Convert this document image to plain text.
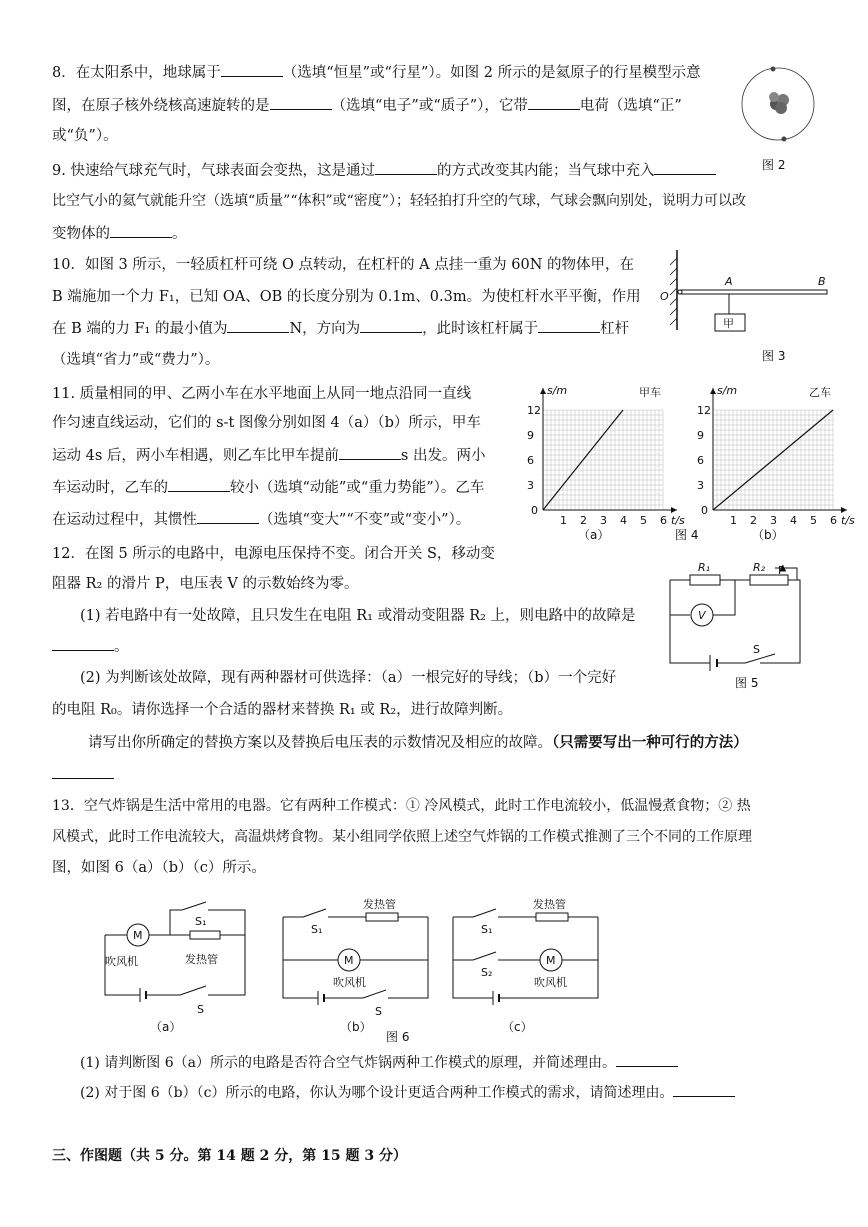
8．在太阳系中，地球属于	（选填“恒星”或“行星”）。如图 2 所示的是氦原子的行星模型示意
图，在原子核外绕核高速旋转的是	（选填“电子”或“质子”），它带	电荷（选填“正”
或“负”）。
图 2
9. 快速给气球充气时，气球表面会变热，这是通过	的方式改变其内能；当气球中充入
比空气小的氦气就能升空（选填“质量”“体积”或“密度”）；轻轻拍打升空的气球，气球会飘向别处，说明力可以改
变物体的	。
10．如图 3 所示，一轻质杠杆可绕 O 点转动，在杠杆的 A 点挂一重为 60N 的物体甲，在
B 端施加一个力 F₁，已知 OA、OB 的长度分别为 0.1m、0.3m。为使杠杆水平平衡，作用
在 B 端的力 F₁ 的最小值为	N，方向为	，此时该杠杆属于	杠杆
（选填“省力”或“费力”）。
甲
O
A	B
图 3
11. 质量相同的甲、乙两小车在水平地面上从同一地点沿同一直线
作匀速直线运动，它们的 s-t 图像分别如图 4（a）（b）所示，甲车
运动 4s 后，两小车相遇，则乙车比甲车提前	s 出发。两小
车运动时，乙车的	较小（选填“动能”或“重力势能”）。乙车
在运动过程中，其惯性	（选填“变大”“不变”或“变小”）。	1 2 3 4 5 6
12
9
6
3
0
s/m
t/s
甲车
1 2 3 4 5 6
12
9
6
3
0
s/m
t/s
乙车
（a）	图 4	（b）
12．在图 5 所示的电路中，电源电压保持不变。闭合开关 S，移动变
阻器 R₂ 的滑片 P，电压表 V 的示数始终为零。
(1) 若电路中有一处故障，且只发生在电阻 R₁ 或滑动变阻器 R₂ 上，则电路中的故障是
。
(2) 为判断该处故障，现有两种器材可供选择：（a）一根完好的导线；（b）一个完好
的电阻 R₀。请你选择一个合适的器材来替换 R₁ 或 R₂，进行故障判断。
请写出你所确定的替换方案以及替换后电压表的示数情况及相应的故障。（只需要写出一种可行的方法）
R₁	R₂ P
V
S
图 5
13．空气炸锅是生活中常用的电器。它有两种工作模式：① 冷风模式，此时工作电流较小，低温慢煮食物；② 热
风模式，此时工作电流较大，高温烘烤食物。某小组同学依照上述空气炸锅的工作模式推测了三个不同的工作原理
图，如图 6（a）（b）（c）所示。
M
吹风机	发热管
S₁
S
（a）
发热管
S₁
M
吹风机
S
（b）
图 6
发热管
S₁
S₂
M
吹风机
（c）
(1) 请判断图 6（a）所示的电路是否符合空气炸锅两种工作模式的原理，并简述理由。
(2) 对于图 6（b）（c）所示的电路，你认为哪个设计更适合两种工作模式的需求，请简述理由。
三、作图题（共 5 分。第 14 题 2 分，第 15 题 3 分）
